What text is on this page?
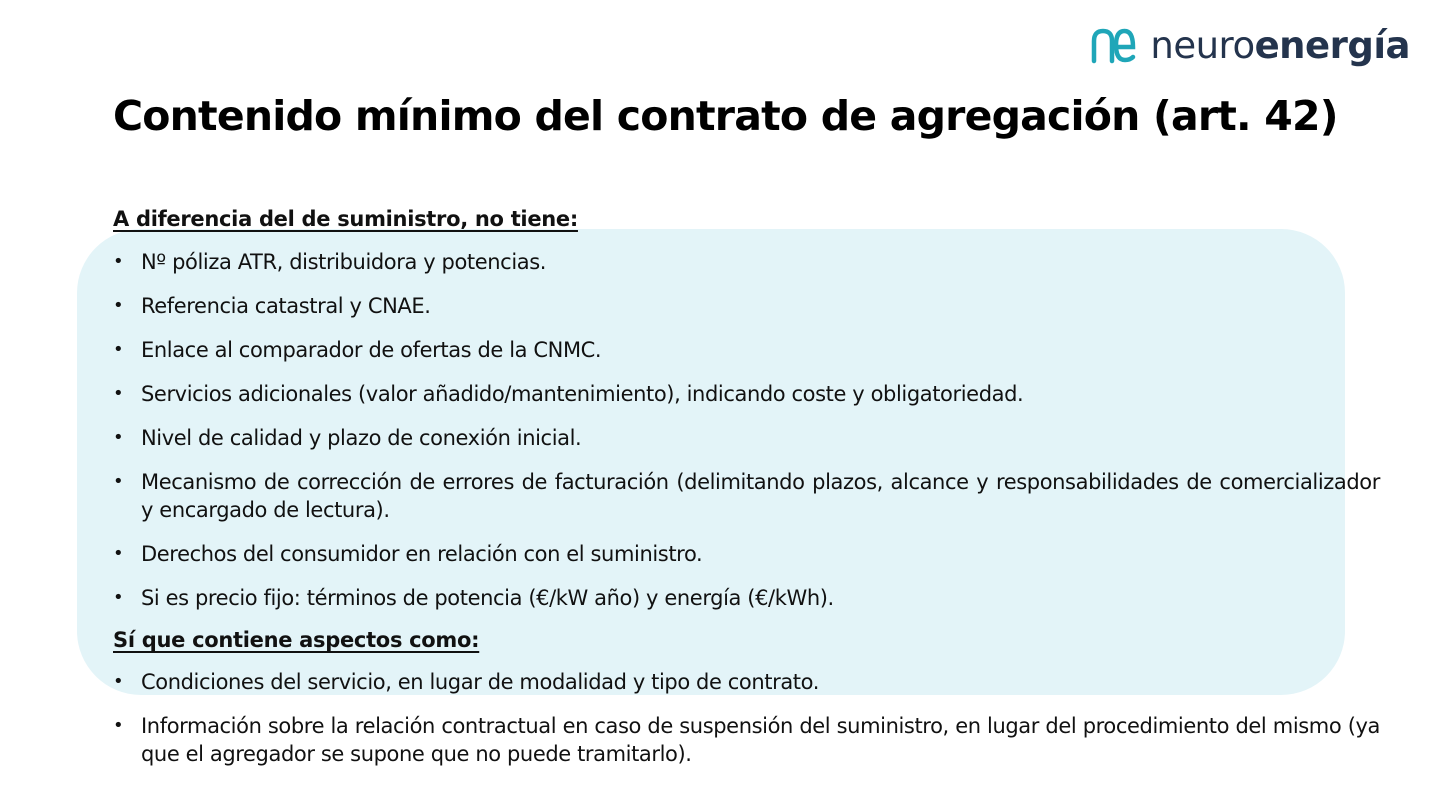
neuroenergía
Contenido mínimo del contrato de agregación (art. 42)

A diferencia del de suministro, no tiene:

• Nº póliza ATR, distribuidora y potencias.
• Referencia catastral y CNAE.
• Enlace al comparador de ofertas de la CNMC.
• Servicios adicionales (valor añadido/mantenimiento), indicando coste y obligatoriedad.
• Nivel de calidad y plazo de conexión inicial.
• Mecanismo de corrección de errores de facturación (delimitando plazos, alcance y responsabilidades de comercializador y encargado de lectura).
• Derechos del consumidor en relación con el suministro.
• Si es precio fijo: términos de potencia (€/kW año) y energía (€/kWh).

Sí que contiene aspectos como:

• Condiciones del servicio, en lugar de modalidad y tipo de contrato.
• Información sobre la relación contractual en caso de suspensión del suministro, en lugar del procedimiento del mismo (ya que el agregador se supone que no puede tramitarlo).
